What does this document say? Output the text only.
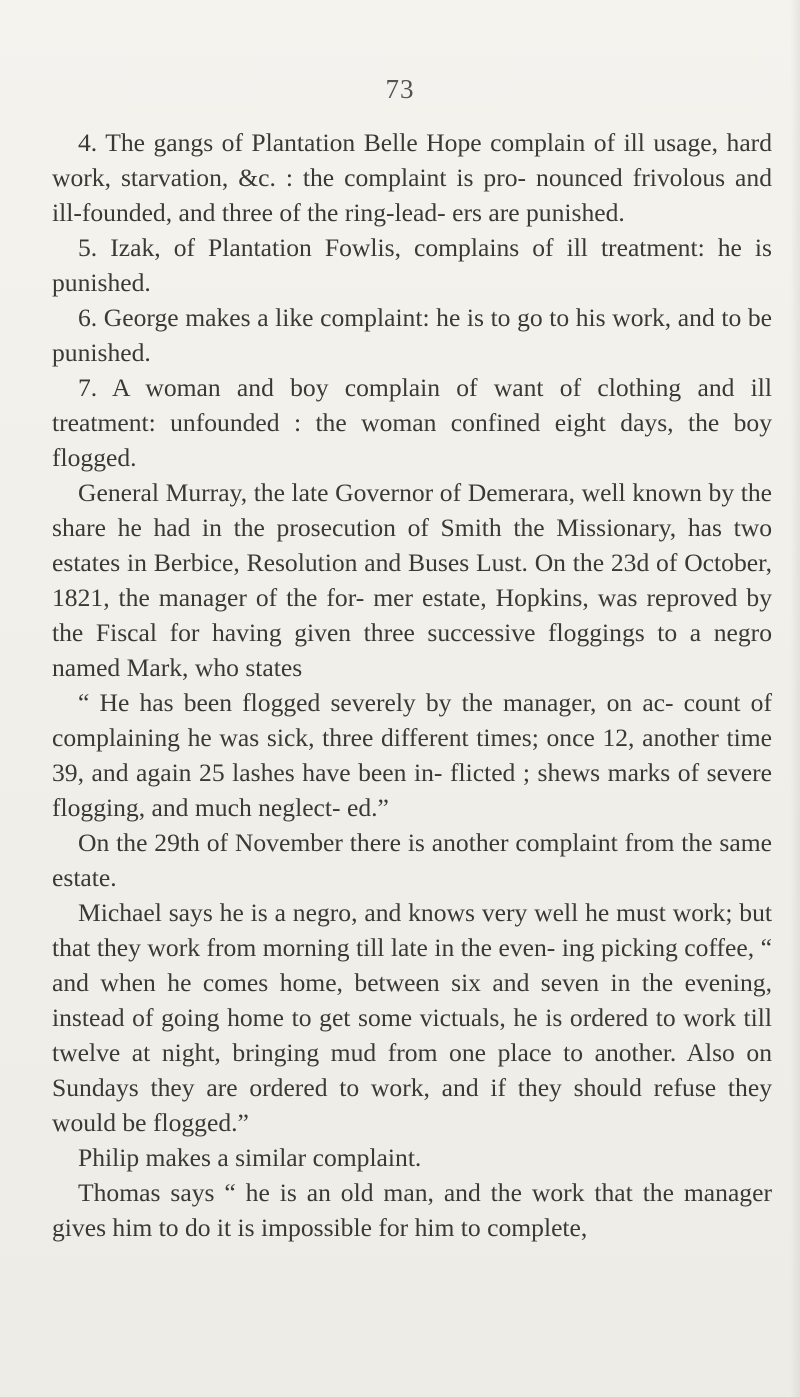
73

4. The gangs of Plantation Belle Hope complain of ill usage, hard work, starvation, &c. : the complaint is pro- nounced frivolous and ill-founded, and three of the ring-lead- ers are punished.

5. Izak, of Plantation Fowlis, complains of ill treatment: he is punished.

6. George makes a like complaint: he is to go to his work, and to be punished.

7. A woman and boy complain of want of clothing and ill treatment: unfounded : the woman confined eight days, the boy flogged.

General Murray, the late Governor of Demerara, well known by the share he had in the prosecution of Smith the Missionary, has two estates in Berbice, Resolution and Buses Lust. On the 23d of October, 1821, the manager of the for- mer estate, Hopkins, was reproved by the Fiscal for having given three successive floggings to a negro named Mark, who states

“ He has been flogged severely by the manager, on ac- count of complaining he was sick, three different times; once 12, another time 39, and again 25 lashes have been in- flicted ; shews marks of severe flogging, and much neglect- ed.”

On the 29th of November there is another complaint from the same estate.

Michael says he is a negro, and knows very well he must work; but that they work from morning till late in the even- ing picking coffee, “ and when he comes home, between six and seven in the evening, instead of going home to get some victuals, he is ordered to work till twelve at night, bringing mud from one place to another. Also on Sundays they are ordered to work, and if they should refuse they would be flogged.”

Philip makes a similar complaint.

Thomas says “ he is an old man, and the work that the manager gives him to do it is impossible for him to complete,
